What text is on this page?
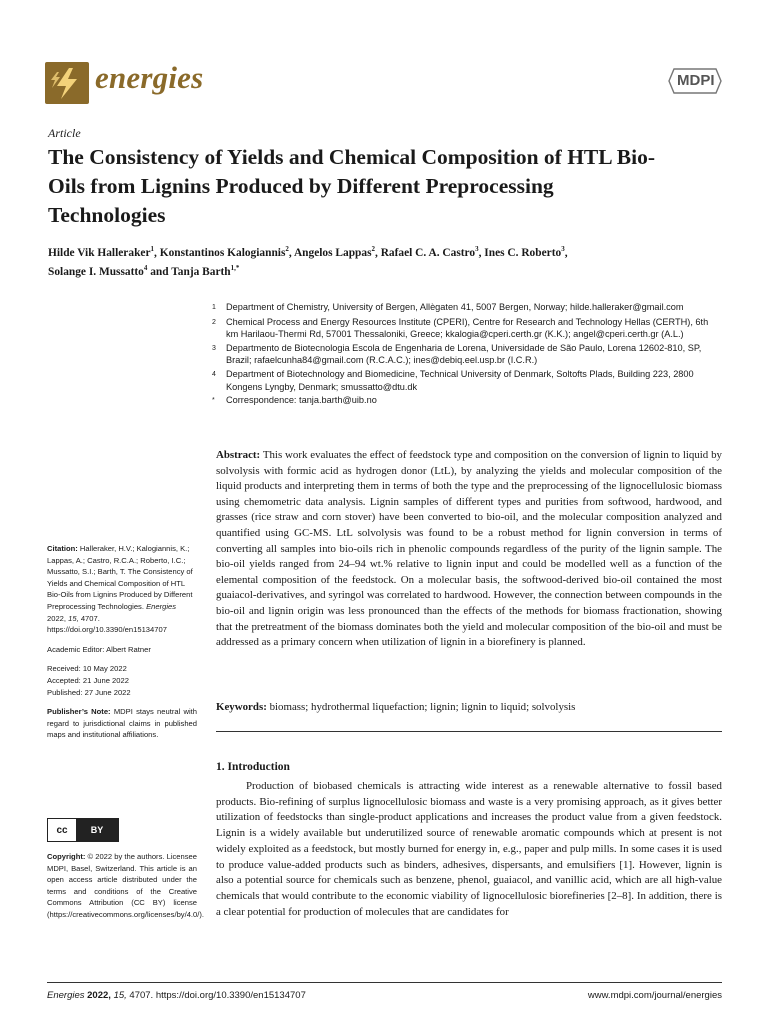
energies	MDPI
Article
The Consistency of Yields and Chemical Composition of HTL Bio-Oils from Lignins Produced by Different Preprocessing Technologies
Hilde Vik Halleraker$^1$, Konstantinos Kalogiannis$^2$, Angelos Lappas$^2$, Rafael C. A. Castro$^3$, Ines C. Roberto$^3$,
Solange I. Mussatto$^4$ and Tanja Barth$^{1,*}$
1	Department of Chemistry, University of Bergen, Allègaten 41, 5007 Bergen, Norway; hilde.halleraker@gmail.com
2	Chemical Process and Energy Resources Institute (CPERI), Centre for Research and Technology Hellas (CERTH), 6th km Harilaou-Thermi Rd, 57001 Thessaloniki, Greece; kkalogia@cperi.certh.gr (K.K.); angel@cperi.certh.gr (A.L.)
3	Departmento de Biotecnologia Escola de Engenharia de Lorena, Universidade de São Paulo, Lorena 12602-810, SP, Brazil; rafaelcunha84@gmail.com (R.C.A.C.); ines@debiq.eel.usp.br (I.C.R.)
4	Department of Biotechnology and Biomedicine, Technical University of Denmark, Soltofts Plads, Building 223, 2800 Kongens Lyngby, Denmark; smussatto@dtu.dk
*	Correspondence: tanja.barth@uib.no
Abstract: This work evaluates the effect of feedstock type and composition on the conversion of lignin to liquid by solvolysis with formic acid as hydrogen donor (LtL), by analyzing the yields and molecular composition of the liquid products and interpreting them in terms of both the type and the preprocessing of the lignocellulosic biomass using chemometric data analysis. Lignin samples of different types and purities from softwood, hardwood, and grasses (rice straw and corn stover) have been converted to bio-oil, and the molecular composition analyzed and quantified using GC-MS. LtL solvolysis was found to be a robust method for lignin conversion in terms of converting all samples into bio-oils rich in phenolic compounds regardless of the purity of the lignin sample. The bio-oil yields ranged from 24–94 wt.% relative to lignin input and could be modelled well as a function of the elemental composition of the feedstock. On a molecular basis, the softwood-derived bio-oil contained the most guaiacol-derivatives, and syringol was correlated to hardwood. However, the connection between compounds in the bio-oil and lignin origin was less pronounced than the effects of the methods for biomass fractionation, showing that the pretreatment of the biomass dominates both the yield and molecular composition of the bio-oil and must be addressed as a primary concern when utilization of lignin in a biorefinery is planned.
Keywords: biomass; hydrothermal liquefaction; lignin; lignin to liquid; solvolysis
1. Introduction
Production of biobased chemicals is attracting wide interest as a renewable alternative to fossil based products. Bio-refining of surplus lignocellulosic biomass and waste is a very promising approach, as it gives better utilization of feedstocks than single-product applications and increases the product value from a given feedstock. Lignin is a widely available but underutilized source of renewable aromatic compounds which at present is not widely exploited as a feedstock, but mostly burned for energy in, e.g., paper and pulp mills. In some cases it is used to produce value-added products such as binders, adhesives, dispersants, and emulsifiers [1]. However, lignin is also a potential source for chemicals such as benzene, phenol, guaiacol, and vanillic acid, which are all high-value chemicals that would contribute to the economic viability of lignocellulosic biorefineries [2–8]. In addition, there is a clear potential for production of molecules that are candidates for
Citation: Halleraker, H.V.; Kalogiannis, K.; Lappas, A.; Castro, R.C.A.; Roberto, I.C.; Mussatto, S.I.; Barth, T. The Consistency of Yields and Chemical Composition of HTL Bio-Oils from Lignins Produced by Different Preprocessing Technologies. Energies 2022, 15, 4707. https://doi.org/10.3390/en15134707
Academic Editor: Albert Ratner
Received: 10 May 2022
Accepted: 21 June 2022
Published: 27 June 2022
Publisher’s Note: MDPI stays neutral with regard to jurisdictional claims in published maps and institutional affiliations.
cc	BY
Copyright: © 2022 by the authors. Licensee MDPI, Basel, Switzerland. This article is an open access article distributed under the terms and conditions of the Creative Commons Attribution (CC BY) license (https://creativecommons.org/licenses/by/4.0/).
Energies 2022, 15, 4707. https://doi.org/10.3390/en15134707	www.mdpi.com/journal/energies
